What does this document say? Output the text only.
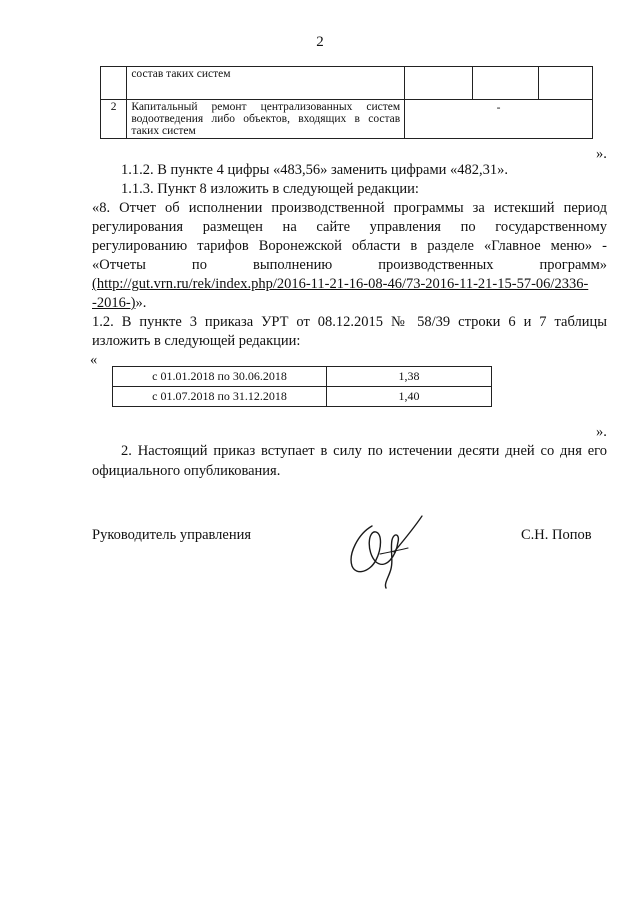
2
	состав таких систем			
2	Капитальный ремонт централизованных систем водоотведения либо объектов, входящих в состав таких систем	-		
».
1.1.2. В пункте 4 цифры «483,56» заменить цифрами «482,31».
1.1.3. Пункт 8 изложить в следующей редакции:
«8. Отчет об исполнении производственной программы за истекший период
регулирования размещен на сайте управления по государственному
регулированию тарифов Воронежской области в разделе «Главное меню» -
«Отчеты по выполнению производственных программ»
(http://gut.vrn.ru/rek/index.php/2016-11-21-16-08-46/73-2016-11-21-15-57-06/2336-
-2016-)».
1.2. В пункте 3 приказа УРТ от 08.12.2015 № 58/39 строки 6 и 7 таблицы
изложить в следующей редакции:
«
с 01.01.2018 по 30.06.2018	1,38
с 01.07.2018 по 31.12.2018	1,40
».
2. Настоящий приказ вступает в силу по истечении десяти дней со дня его
официального опубликования.
Руководитель управления	С.Н. Попов
